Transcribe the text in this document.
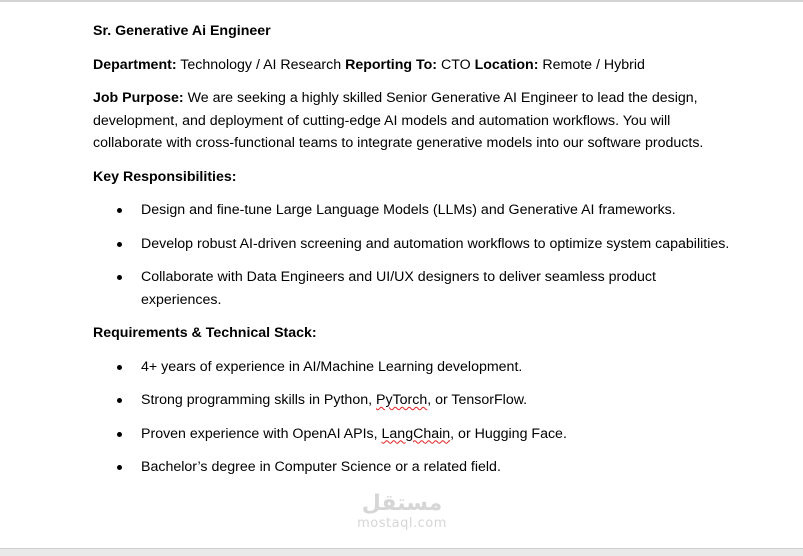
Sr. Generative Ai Engineer

Department: Technology / AI Research Reporting To: CTO Location: Remote / Hybrid

Job Purpose: We are seeking a highly skilled Senior Generative AI Engineer to lead the design, development, and deployment of cutting-edge AI models and automation workflows. You will collaborate with cross-functional teams to integrate generative models into our software products.

Key Responsibilities:

Design and fine-tune Large Language Models (LLMs) and Generative AI frameworks.
Develop robust AI-driven screening and automation workflows to optimize system capabilities.
Collaborate with Data Engineers and UI/UX designers to deliver seamless product experiences.

Requirements & Technical Stack:

4+ years of experience in AI/Machine Learning development.
Strong programming skills in Python, PyTorch, or TensorFlow.
Proven experience with OpenAI APIs, LangChain, or Hugging Face.
Bachelor’s degree in Computer Science or a related field.
مستقل
mostaql.com
